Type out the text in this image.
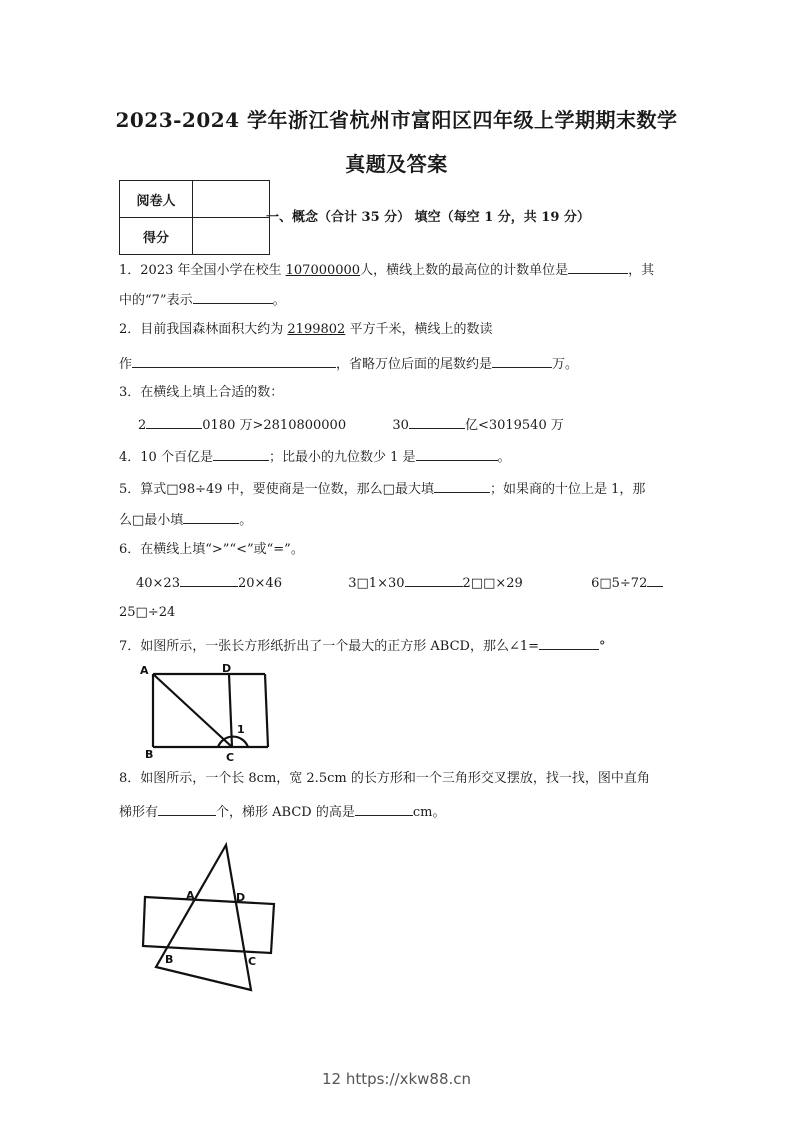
2023-2024 学年浙江省杭州市富阳区四年级上学期期末数学
真题及答案
阅卷人	
得分	
一、概念（合计 35 分） 填空（每空 1 分，共 19 分）
1．2023 年全国小学在校生 107000000人，横线上数的最高位的计数单位是	，其
中的“7”表示	。
2．目前我国森林面积大约为 2199802 平方千米，横线上的数读
作	，省略万位后面的尾数约是	万。
3．在横线上填上合适的数：
2	0180 万>2810800000	30	亿<3019540 万
4．10 个百亿是	；比最小的九位数少 1 是	。
5．算式□98÷49 中，要使商是一位数，那么□最大填	；如果商的十位上是 1，那
么□最小填	。
6．在横线上填“>”“<”或“=”。
40×23	20×46	3□1×30	2□□×29	6□5÷72
25□÷24
7．如图所示，一张长方形纸折出了一个最大的正方形 ABCD，那么∠1=	°
A
B	C
D
1
8．如图所示，一个长 8cm，宽 2.5cm 的长方形和一个三角形交叉摆放，找一找，图中直角
梯形有	个，梯形 ABCD 的高是	cm。
A	D
B	C
12 https://xkw88.cn
